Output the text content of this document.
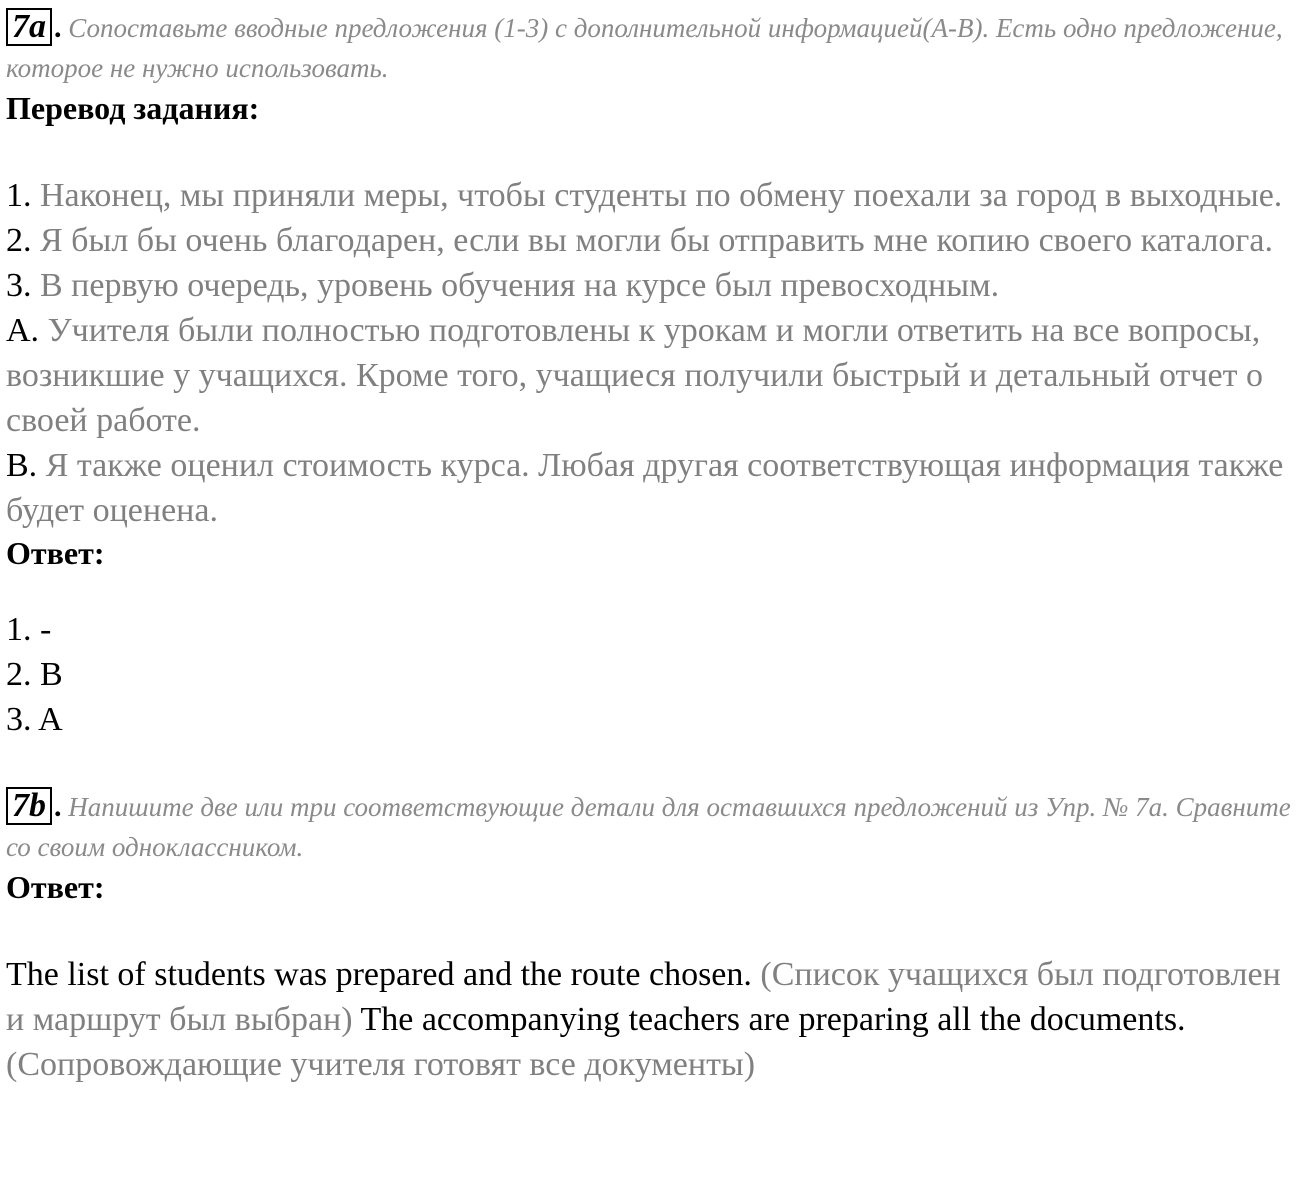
7a . Сопоставьте вводные предложения (1-3) с дополнительной информацией(A-B). Есть одно предложение, которое не нужно использовать.
Перевод задания:
1. Наконец, мы приняли меры, чтобы студенты по обмену поехали за город в выходные.
2. Я был бы очень благодарен, если вы могли бы отправить мне копию своего каталога.
3. В первую очередь, уровень обучения на курсе был превосходным.
A. Учителя были полностью подготовлены к урокам и могли ответить на все вопросы, возникшие у учащихся. Кроме того, учащиеся получили быстрый и детальный отчет о своей работе.
B. Я также оценил стоимость курса. Любая другая соответствующая информация также будет оценена.
Ответ:
1. -
2. B
3. A
7b . Напишите две или три соответствующие детали для оставшихся предложений из Упр. № 7а. Сравните со своим одноклассником.
Ответ:
The list of students was prepared and the route chosen. (Список учащихся был подготовлен и маршрут был выбран) The accompanying teachers are preparing all the documents. (Сопровождающие учителя готовят все документы)
